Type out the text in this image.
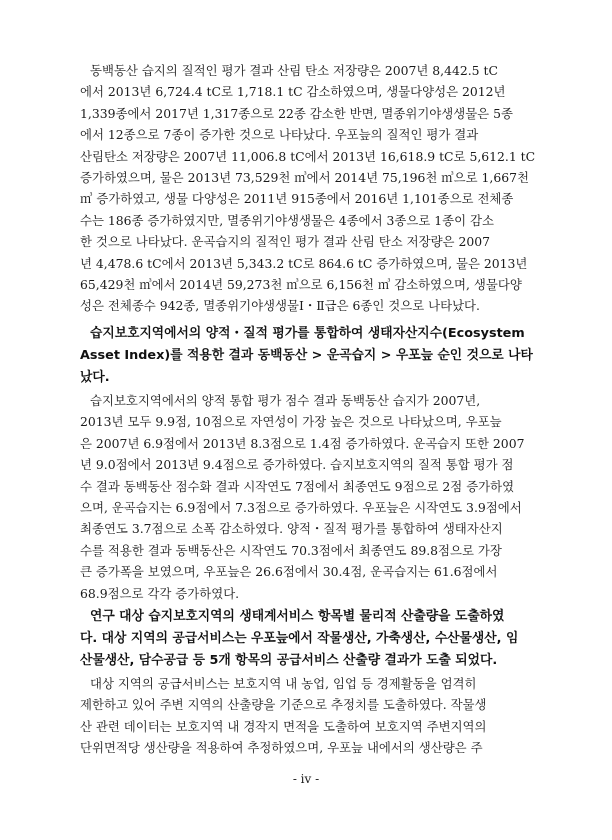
동백동산 습지의 질적인 평가 결과 산림 탄소 저장량은 2007년 8,442.5 tC
에서 2013년 6,724.4 tC로 1,718.1 tC 감소하였으며, 생물다양성은 2012년
1,339종에서 2017년 1,317종으로 22종 감소한 반면, 멸종위기야생생물은 5종
에서 12종으로 7종이 증가한 것으로 나타났다. 우포늪의 질적인 평가 결과
산림탄소 저장량은 2007년 11,006.8 tC에서 2013년 16,618.9 tC로 5,612.1 tC
증가하였으며, 물은 2013년 73,529천 ㎥에서 2014년 75,196천 ㎥으로 1,667천
㎥ 증가하였고, 생물 다양성은 2011년 915종에서 2016년 1,101종으로 전체종
수는 186종 증가하였지만, 멸종위기야생생물은 4종에서 3종으로 1종이 감소
한 것으로 나타났다. 운곡습지의 질적인 평가 결과 산림 탄소 저장량은 2007
년 4,478.6 tC에서 2013년 5,343.2 tC로 864.6 tC 증가하였으며, 물은 2013년
65,429천 ㎥에서 2014년 59,273천 ㎥으로 6,156천 ㎥ 감소하였으며, 생물다양
성은 전체종수 942종, 멸종위기야생생물Ⅰ・Ⅱ급은 6종인 것으로 나타났다.

습지보호지역에서의 양적・질적 평가를 통합하여 생태자산지수(Ecosystem
Asset Index)를 적용한 결과 동백동산 > 운곡습지 > 우포늪 순인 것으로 나타
났다.

습지보호지역에서의 양적 통합 평가 점수 결과 동백동산 습지가 2007년,
2013년 모두 9.9점, 10점으로 자연성이 가장 높은 것으로 나타났으며, 우포늪
은 2007년 6.9점에서 2013년 8.3점으로 1.4점 증가하였다. 운곡습지 또한 2007
년 9.0점에서 2013년 9.4점으로 증가하였다. 습지보호지역의 질적 통합 평가 점
수 결과 동백동산 점수화 결과 시작연도 7점에서 최종연도 9점으로 2점 증가하였
으며, 운곡습지는 6.9점에서 7.3점으로 증가하였다. 우포늪은 시작연도 3.9점에서
최종연도 3.7점으로 소폭 감소하였다. 양적・질적 평가를 통합하여 생태자산지
수를 적용한 결과 동백동산은 시작연도 70.3점에서 최종연도 89.8점으로 가장
큰 증가폭을 보였으며, 우포늪은 26.6점에서 30.4점, 운곡습지는 61.6점에서
68.9점으로 각각 증가하였다.

연구 대상 습지보호지역의 생태계서비스 항목별 물리적 산출량을 도출하였
다. 대상 지역의 공급서비스는 우포늪에서 작물생산, 가축생산, 수산물생산, 임
산물생산, 담수공급 등 5개 항목의 공급서비스 산출량 결과가 도출 되었다.

대상 지역의 공급서비스는 보호지역 내 농업, 임업 등 경제활동을 엄격히
제한하고 있어 주변 지역의 산출량을 기준으로 추정치를 도출하였다. 작물생
산 관련 데이터는 보호지역 내 경작지 면적을 도출하여 보호지역 주변지역의
단위면적당 생산량을 적용하여 추정하였으며, 우포늪 내에서의 생산량은 주

- iv -
